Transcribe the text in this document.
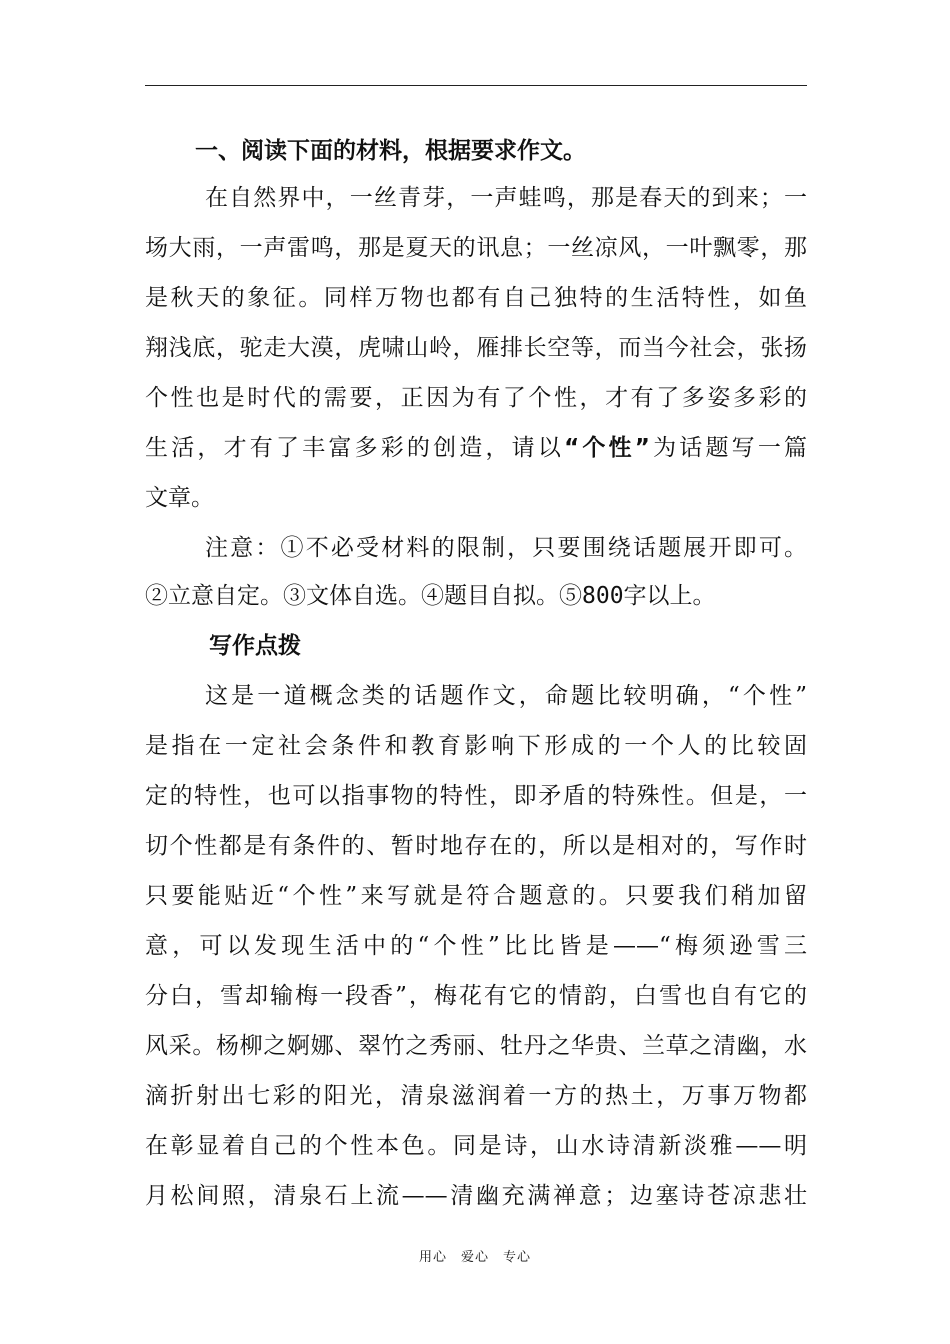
一、阅读下面的材料，根据要求作文。
在自然界中，一丝青芽，一声蛙鸣，那是春天的到来；一
场大雨，一声雷鸣，那是夏天的讯息；一丝凉风，一叶飘零，那
是秋天的象征。同样万物也都有自己独特的生活特性，如鱼
翔浅底，驼走大漠，虎啸山岭，雁排长空等，而当今社会，张扬
个性也是时代的需要，正因为有了个性，才有了多姿多彩的
生活，才有了丰富多彩的创造，请以“个性”为话题写一篇
文章。
注意：①不必受材料的限制，只要围绕话题展开即可。
②立意自定。③文体自选。④题目自拟。⑤800字以上。
写作点拨
这是一道概念类的话题作文，命题比较明确，“个性”
是指在一定社会条件和教育影响下形成的一个人的比较固
定的特性，也可以指事物的特性，即矛盾的特殊性。但是，一
切个性都是有条件的、暂时地存在的，所以是相对的，写作时
只要能贴近“个性”来写就是符合题意的。只要我们稍加留
意，可以发现生活中的“个性”比比皆是——“梅须逊雪三
分白，雪却输梅一段香”，梅花有它的情韵，白雪也自有它的
风采。杨柳之婀娜、翠竹之秀丽、牡丹之华贵、兰草之清幽，水
滴折射出七彩的阳光，清泉滋润着一方的热土，万事万物都
在彰显着自己的个性本色。同是诗，山水诗清新淡雅——明
月松间照，清泉石上流——清幽充满禅意；边塞诗苍凉悲壮
用心　爱心　专心
